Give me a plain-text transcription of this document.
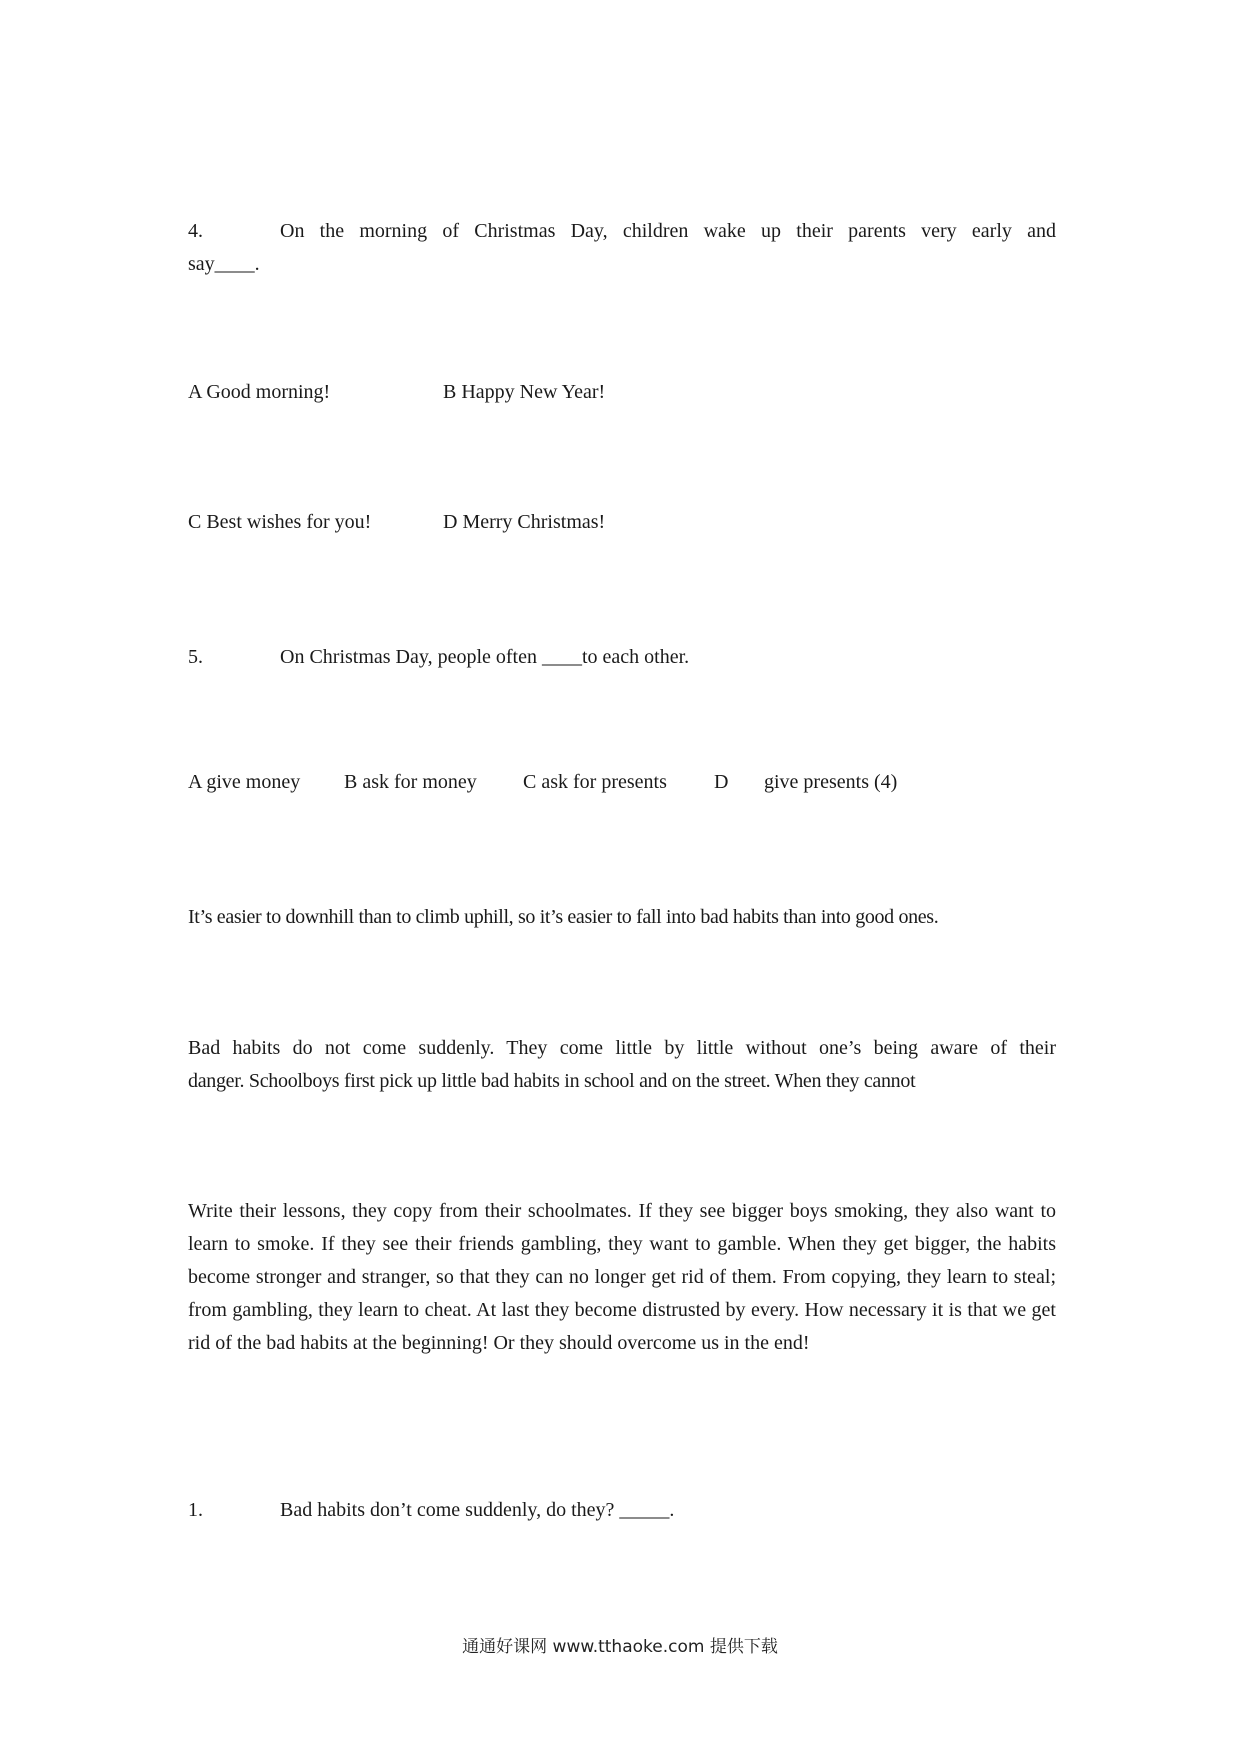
4.	On the morning of Christmas Day, children wake up their parents very early and
say____.
A Good morning!	B Happy New Year!
C Best wishes for you!	D Merry Christmas!
5.	On Christmas Day, people often ____to each other.
A give money B ask for money C ask for presents D give presents (4)
It’s easier to downhill than to climb uphill, so it’s easier to fall into bad habits than into good ones.
Bad habits do not come suddenly. They come little by little without one’s being aware of their
danger. Schoolboys first pick up little bad habits in school and on the street. When they cannot
Write their lessons, they copy from their schoolmates. If they see bigger boys smoking, they also want to learn to smoke. If they see their friends gambling, they want to gamble. When they get bigger, the habits become stronger and stranger, so that they can no longer get rid of them. From copying, they learn to steal; from gambling, they learn to cheat. At last they become distrusted by every. How necessary it is that we get rid of the bad habits at the beginning! Or they should overcome us in the end!
1.	Bad habits don’t come suddenly, do they? _____.
通通好课网 www.tthaoke.com 提供下载
